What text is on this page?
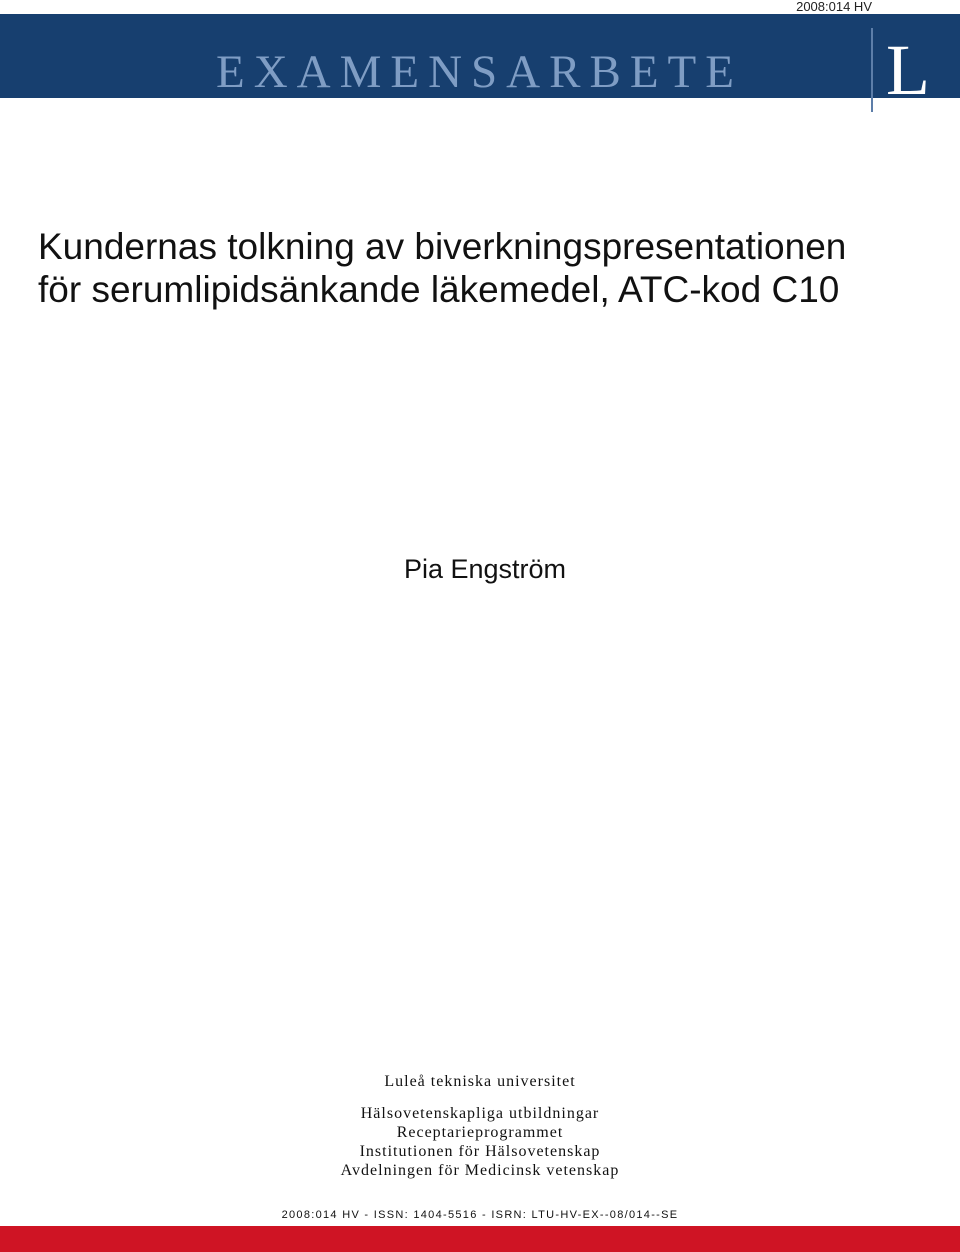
2008:014 HV
EXAMENSARBETE L
Kundernas tolkning av biverkningspresentationen
för serumlipidsänkande läkemedel, ATC-kod C10
Pia Engström
Luleå tekniska universitet
Hälsovetenskapliga utbildningar
Receptarieprogrammet
Institutionen för Hälsovetenskap
Avdelningen för Medicinsk vetenskap
2008:014 HV - ISSN: 1404-5516 - ISRN: LTU-HV-EX--08/014--SE
